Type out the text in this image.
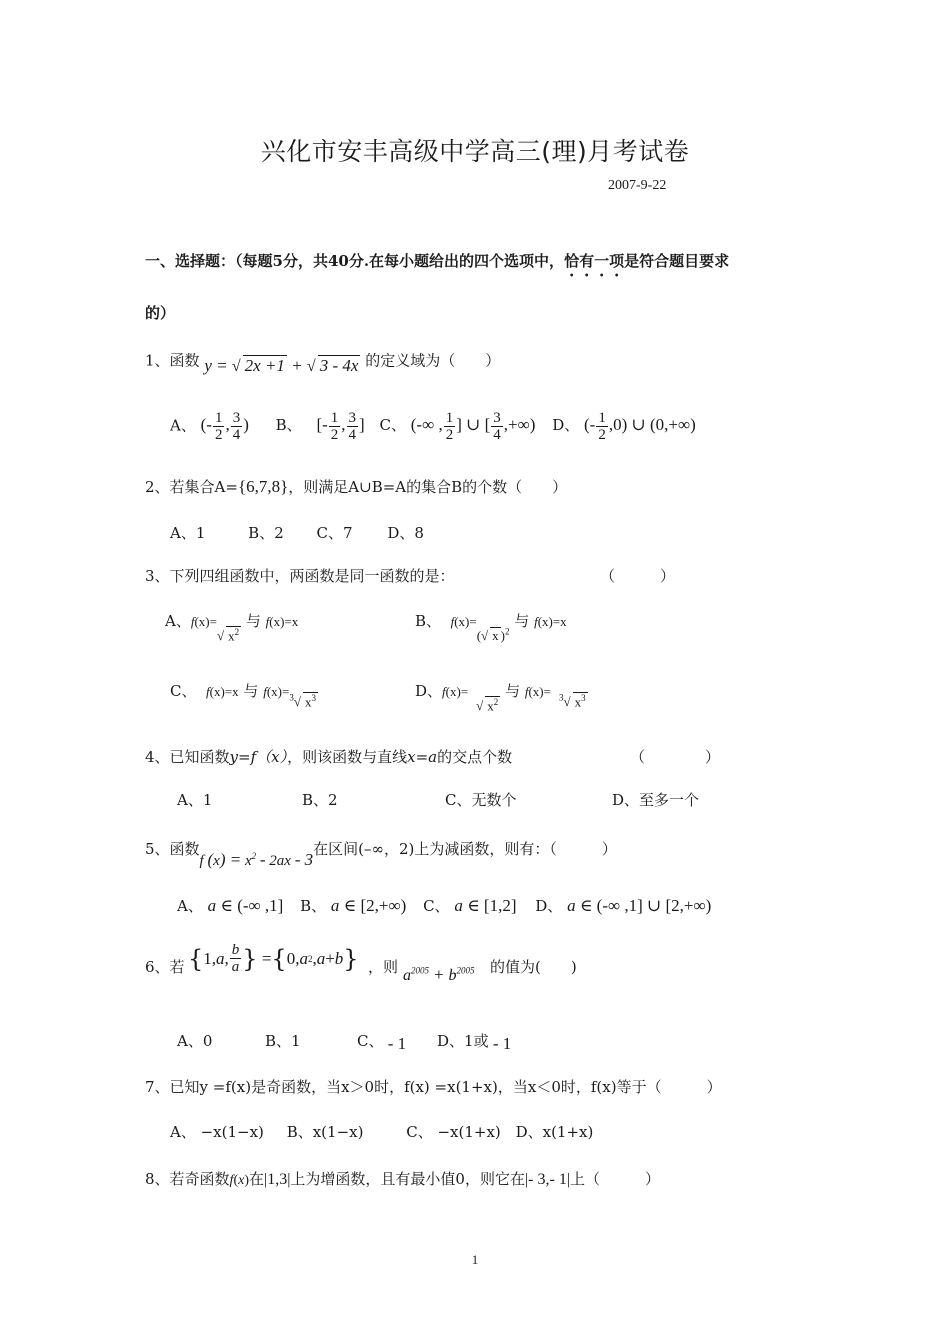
兴化市安丰高级中学高三(理)月考试卷
2007-9-22
一、选择题：（每题5分，共40分.在每小题给出的四个选项中，恰有一项是符合题目要求
的）
1、函数 y = √ 2x +1 + √ 3 - 4x 的定义域为（　　）
A、 (- $\frac{1}{2}$ , $\frac{3}{4}$ ) B、 [- $\frac{1}{2}$ , $\frac{3}{4}$ ] C、 (-∞ , $\frac{1}{2}$ ] ∪ [ $\frac{3}{4}$ ,+∞) D、 (- $\frac{1}{2} ,0$) ∪ (0,+∞)
2、若集合A={6,7,8}，则满足A∪B=A的集合B的个数（　　）
A、1	B、2 C、7 D、8
3、下列四组函数中，两函数是同一函数的是：	（　　　）
A、f(x)=√ $x^2$ 与 f(x)=x	B、 f(x)=(√ x )$^2$ 与 f(x)=x
C、 f(x)=x 与 f(x)=$^3$√ $x^3$	D、f(x)=√ $x^2$ 与 f(x)= $^3$√ $x^3$
4、已知函数y=f（x），则该函数与直线x=a的交点个数	（　　　　）
A、1	B、2	C、无数个	D、至多一个
5、函数f $(x) = x^2 - 2ax - 3$在区间(–∞，2)上为减函数，则有：（　　　）
A、 a ∈ (-∞ ,1] B、 a ∈ [2,+∞) C、 a ∈ [1,2] D、 a ∈ (-∞ ,1] ∪ [2,+∞)
6、若 { 1, a , $\frac{b}{a}$ } = { 0, a 2 , a + b } ，则 $a^{2005} + b^{2005}$ 的值为(　　)
A、0	B、1	C、 - 1 D、1或 - 1
7、已知y =f(x)是奇函数，当x＞0时，f(x) =x(1+x)，当x＜0时，f(x)等于（　　　）
A、 −x(1−x) B、x(1−x)	C、 −x(1+x) D、x(1+x)
8、若奇函数f(x)在|1,3|上为增函数，且有最小值0，则它在|- 3,- 1|上（　　　）
1
